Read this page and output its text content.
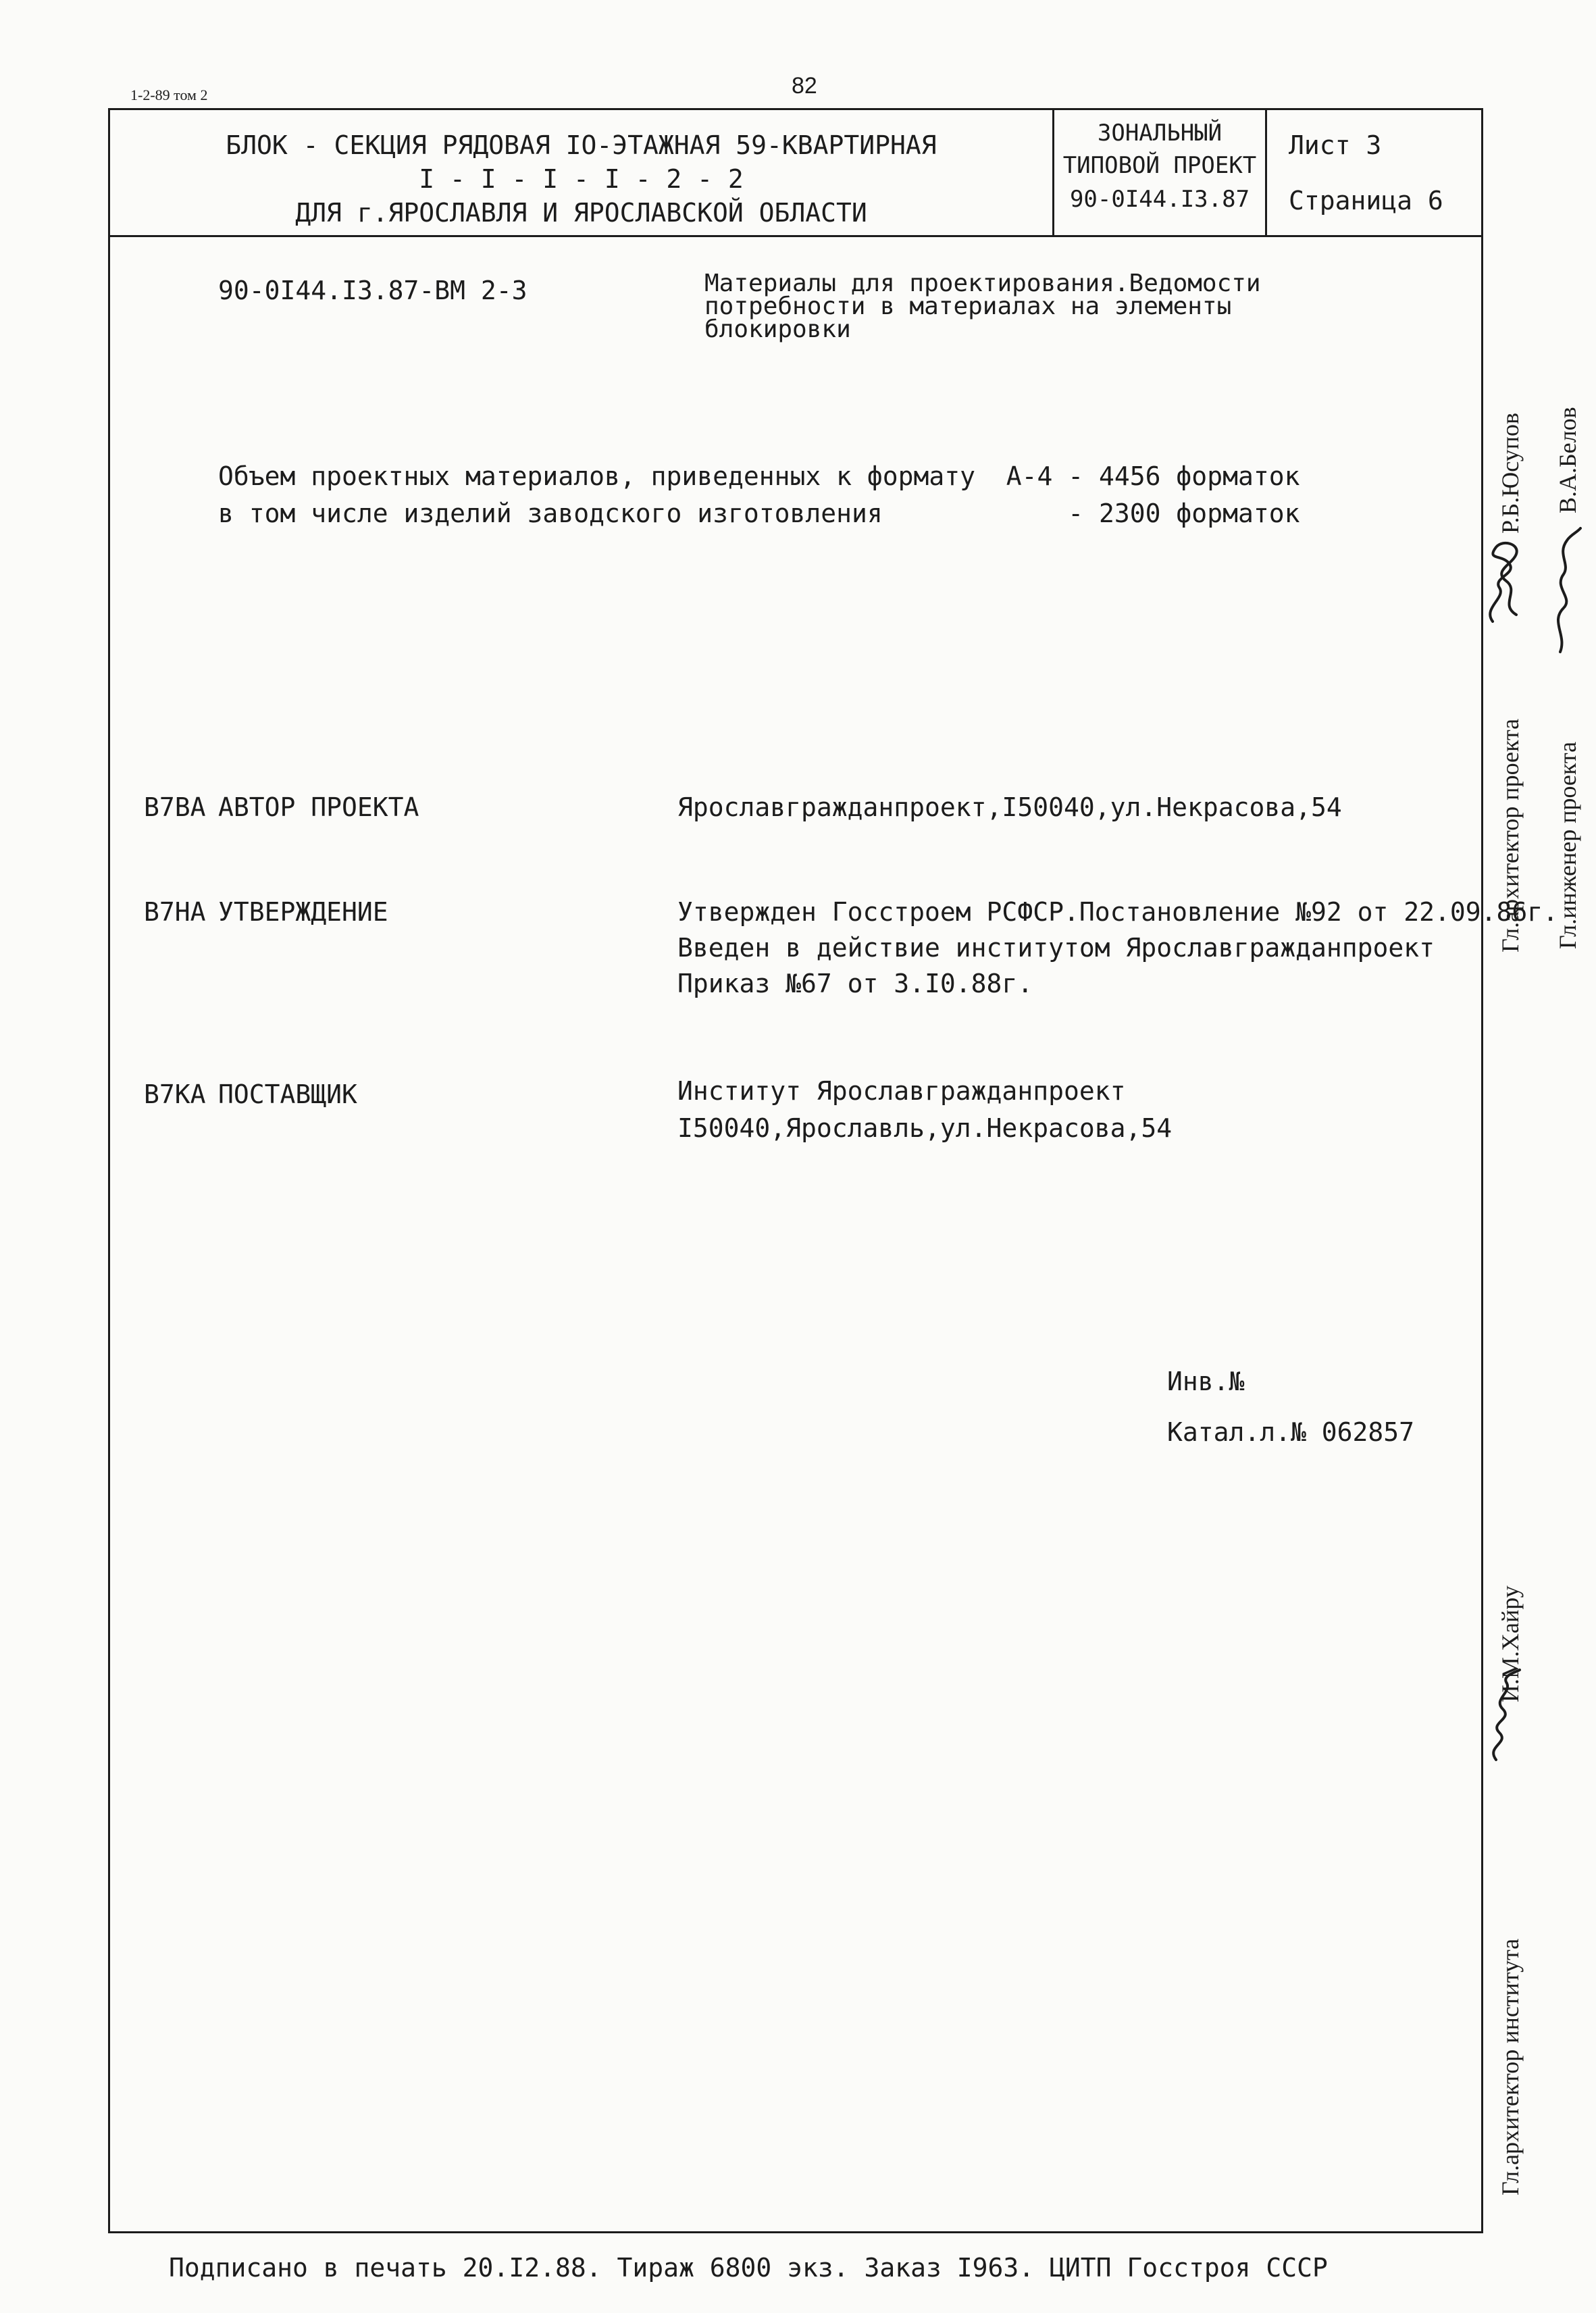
1-2-89 том 2	82
БЛОК - СЕКЦИЯ РЯДОВАЯ IO-ЭТАЖНАЯ 59-КВАРТИРНАЯ
I - I - I - I - 2 - 2
ДЛЯ г.ЯРОСЛАВЛЯ И ЯРОСЛАВСКОЙ ОБЛАСТИ
ЗОНАЛЬНЫЙ
ТИПОВОЙ ПРОЕКТ
90-0I44.I3.87
Лист 3
Страница 6
90-0I44.I3.87-ВМ 2-3	Материалы для проектирования.Ведомости
потребности в материалах на элементы
блокировки
Объем проектных материалов, приведенных к формату  А-4 - 4456 форматок
в том числе изделий заводского изготовления            - 2300 форматок
В7ВА АВТОР ПРОЕКТА	Ярославгражданпроект,I50040,ул.Некрасова,54
В7НА УТВЕРЖДЕНИЕ	Утвержден Госстроем РСФСР.Постановление №92 от 22.09.86г.
Введен в действие институтом Ярославгражданпроект
Приказ №67 от 3.I0.88г.
В7КА ПОСТАВЩИК	Институт Ярославгражданпроект
I50040,Ярославль,ул.Некрасова,54
Инв.№
Катал.л.№ 062857
Гл.архитектор проекта
Р.Б.Юсупов
Гл.инженер проекта
В.А.Белов
Гл.архитектор института
И.М.Хайру
Подписано в печать 20.I2.88. Тираж 6800 экз. Заказ I963. ЦИТП Госстроя СССР
